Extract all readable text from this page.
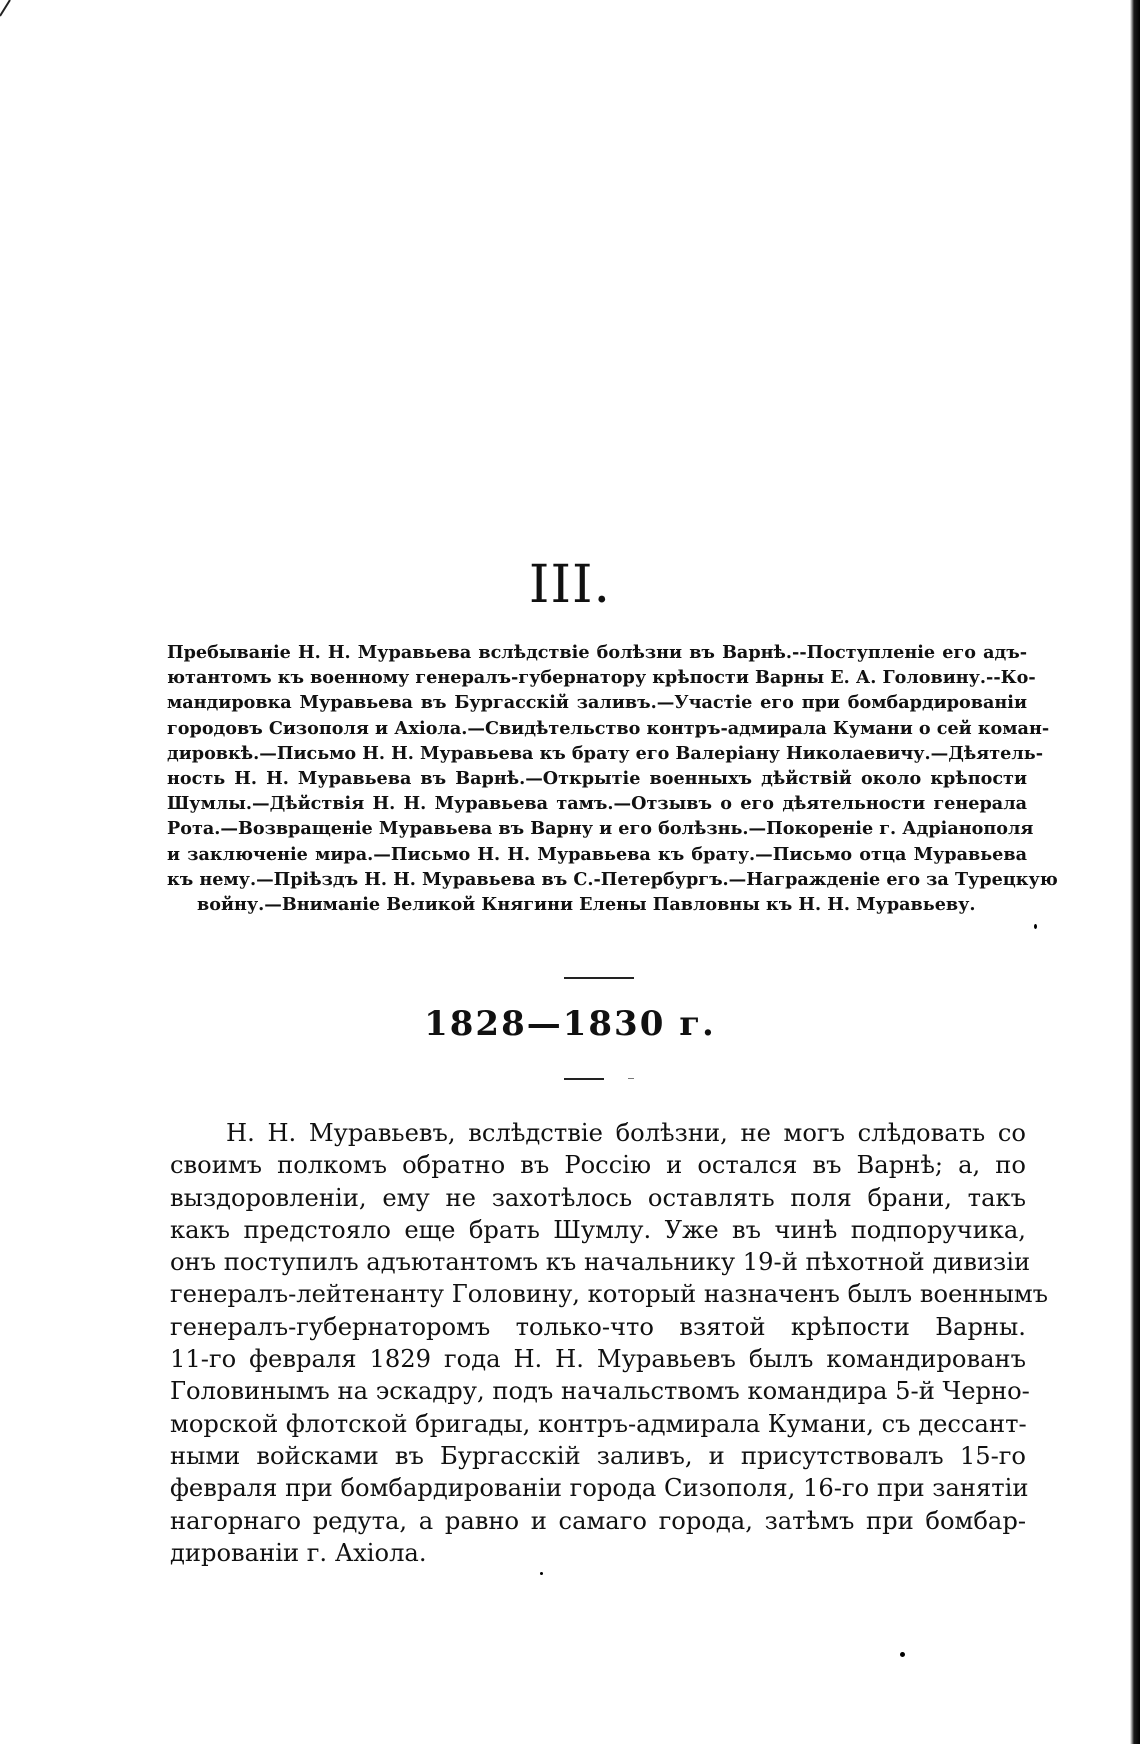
III.
Пребываніе Н. Н. Муравьева вслѣдствіе болѣзни въ Варнѣ.--Поступленіе его адъ-
ютантомъ къ военному генералъ-губернатору крѣпости Варны Е. А. Головину.--Ко-
мандировка Муравьева въ Бургасскій заливъ.—Участіе его при бомбардированіи
городовъ Сизополя и Ахіола.—Свидѣтельство контръ-адмирала Кумани о сей коман-
дировкѣ.—Письмо Н. Н. Муравьева къ брату его Валеріану Николаевичу.—Дѣятель-
ность Н. Н. Муравьева въ Варнѣ.—Открытіе военныхъ дѣйствій около крѣпости
Шумлы.—Дѣйствія Н. Н. Муравьева тамъ.—Отзывъ о его дѣятельности генерала
Рота.—Возвращеніе Муравьева въ Варну и его болѣзнь.—Покореніе г. Адріанополя
и заключеніе мира.—Письмо Н. Н. Муравьева къ брату.—Письмо отца Муравьева
къ нему.—Пріѣздъ Н. Н. Муравьева въ С.-Петербургъ.—Награжденіе его за Турецкую
войну.—Вниманіе Великой Княгини Елены Павловны къ Н. Н. Муравьеву.
1828—1830 г.
Н. Н. Муравьевъ, вслѣдствіе болѣзни, не могъ слѣдовать со
своимъ полкомъ обратно въ Россію и остался въ Варнѣ; а, по
выздоровленіи, ему не захотѣлось оставлять поля брани, такъ
какъ предстояло еще брать Шумлу. Уже въ чинѣ подпоручика,
онъ поступилъ адъютантомъ къ начальнику 19-й пѣхотной дивизіи
генералъ-лейтенанту Головину, который назначенъ былъ военнымъ
генералъ-губернаторомъ только-что взятой крѣпости Варны.
11-го февраля 1829 года Н. Н. Муравьевъ былъ командированъ
Головинымъ на эскадру, подъ начальствомъ командира 5-й Черно-
морской флотской бригады, контръ-адмирала Кумани, съ дессант-
ными войсками въ Бургасскій заливъ, и присутствовалъ 15-го
февраля при бомбардированіи города Сизополя, 16-го при занятіи
нагорнаго редута, а равно и самаго города, затѣмъ при бомбар-
дированіи г. Ахіола.
